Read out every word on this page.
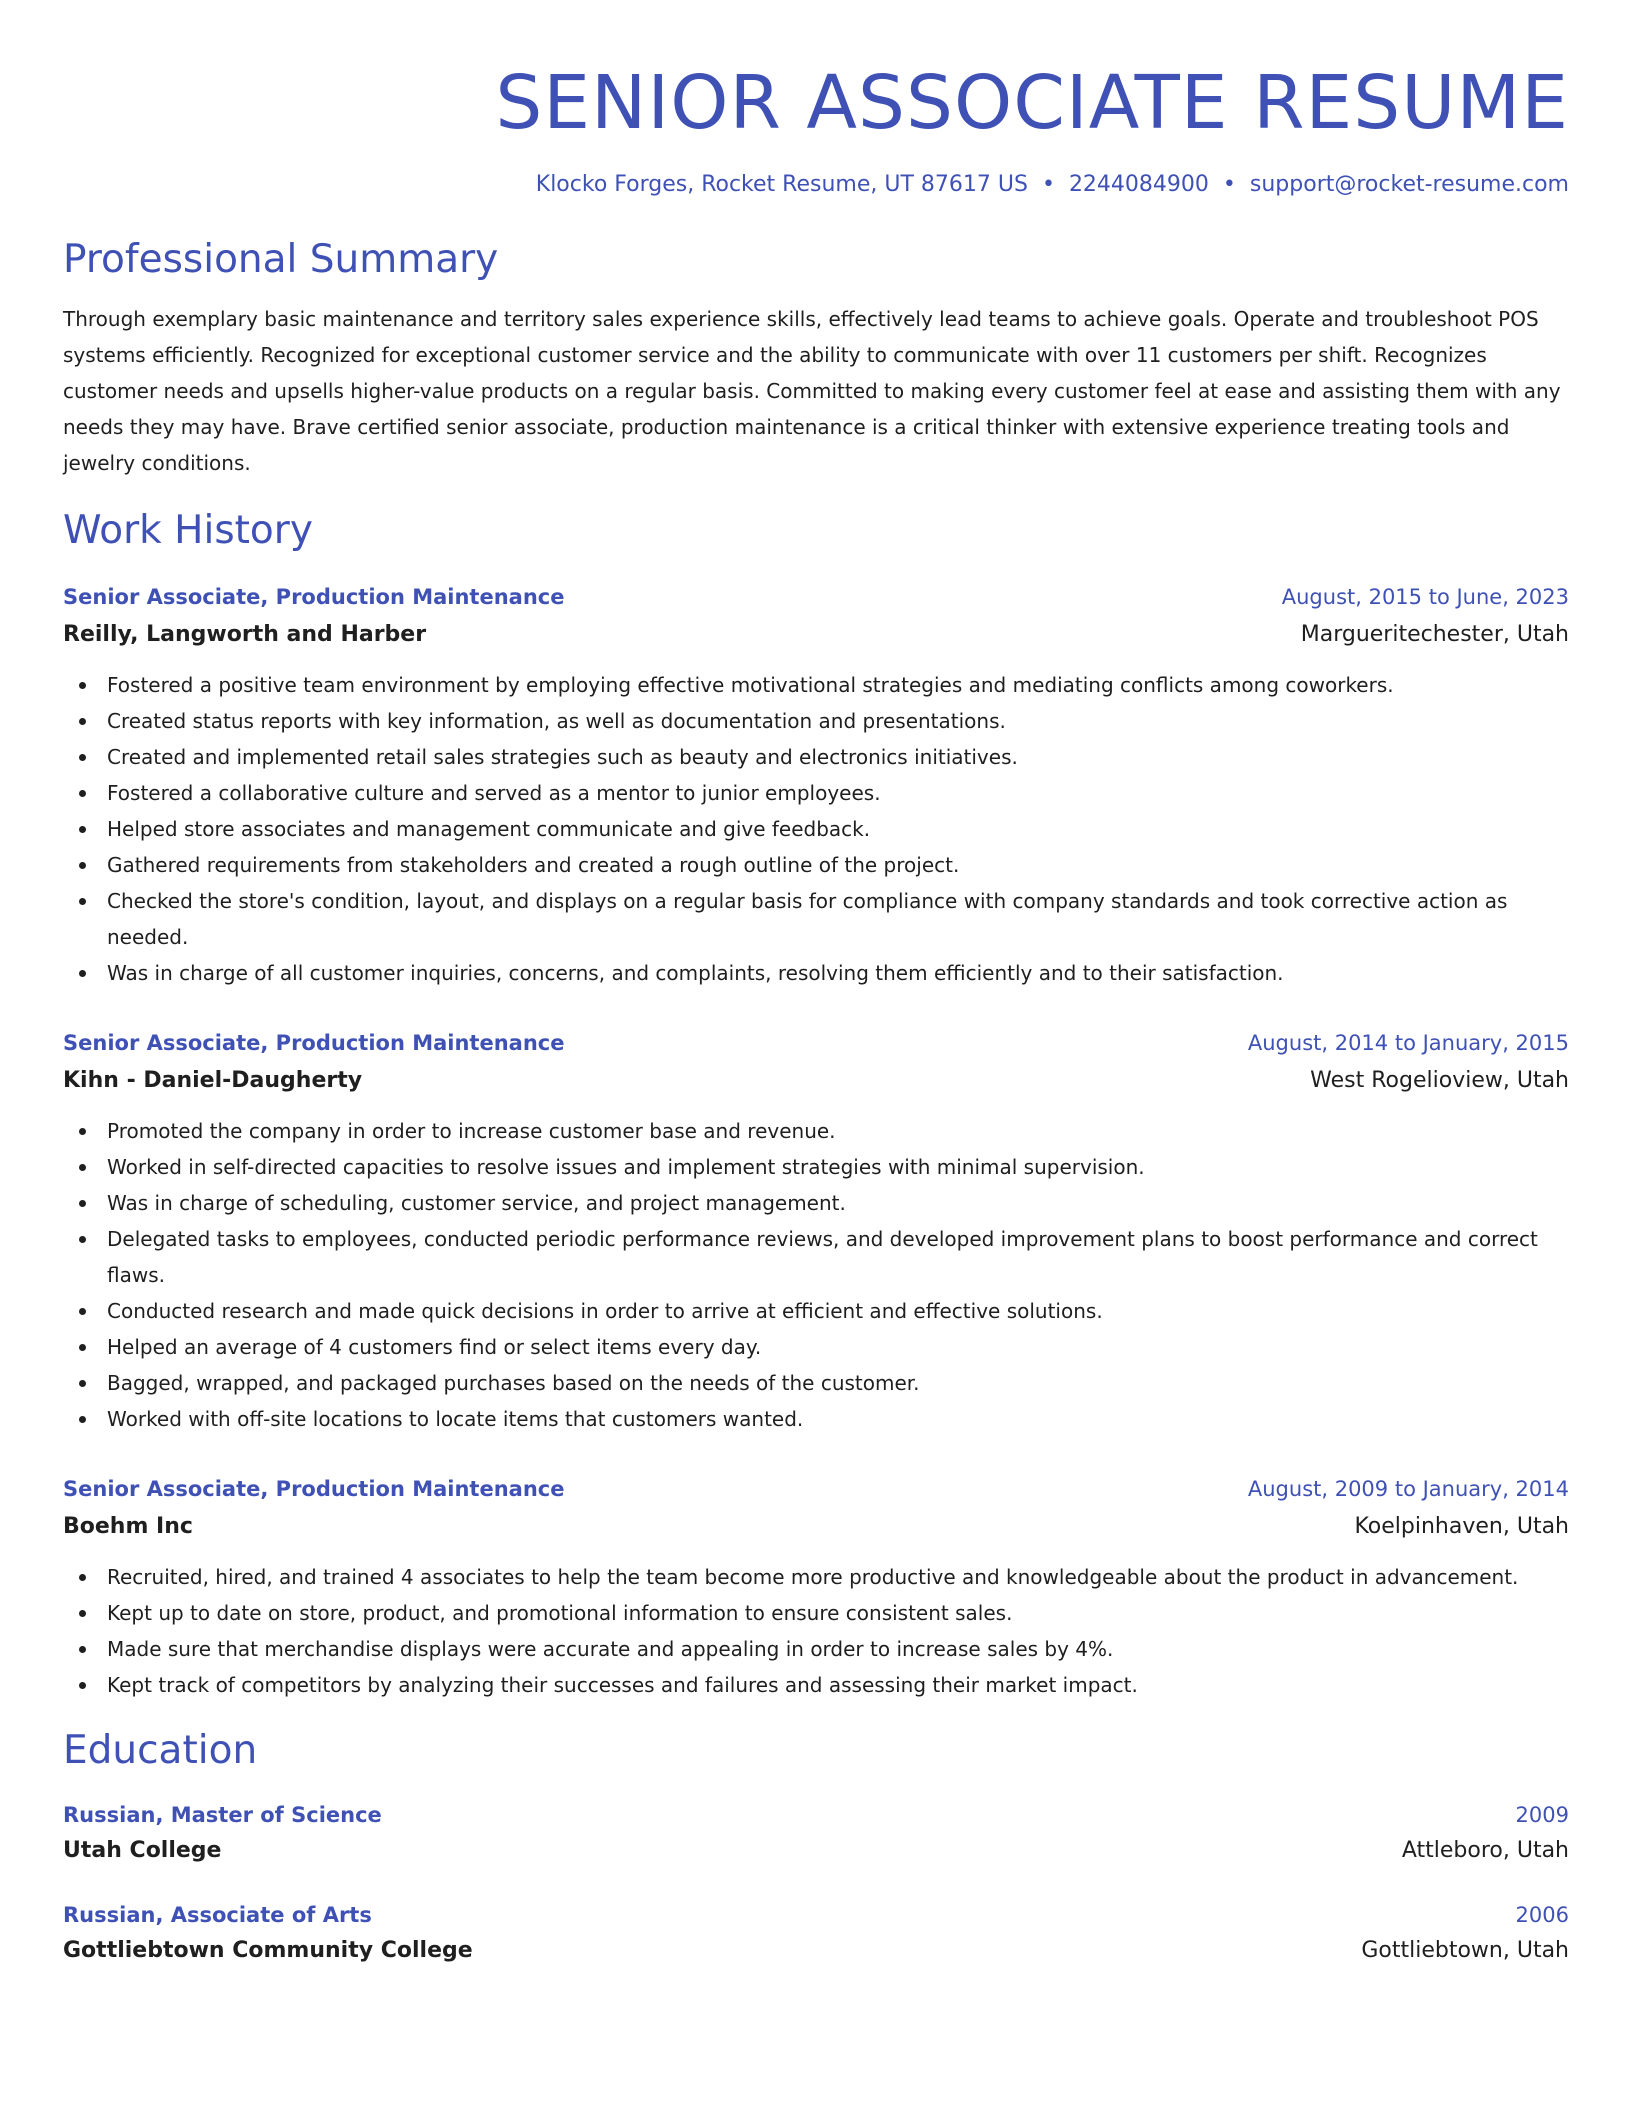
SENIOR ASSOCIATE RESUME
Klocko Forges, Rocket Resume, UT 87617 US • 2244084900 • support@rocket-resume.com
Professional Summary
Through exemplary basic maintenance and territory sales experience skills, effectively lead teams to achieve goals. Operate and troubleshoot POS systems efficiently. Recognized for exceptional customer service and the ability to communicate with over 11 customers per shift. Recognizes customer needs and upsells higher-value products on a regular basis. Committed to making every customer feel at ease and assisting them with any needs they may have. Brave certified senior associate, production maintenance is a critical thinker with extensive experience treating tools and jewelry conditions.
Work History
Senior Associate, Production Maintenance	August, 2015 to June, 2023
Reilly, Langworth and Harber	Margueritechester, Utah
Fostered a positive team environment by employing effective motivational strategies and mediating conflicts among coworkers.
Created status reports with key information, as well as documentation and presentations.
Created and implemented retail sales strategies such as beauty and electronics initiatives.
Fostered a collaborative culture and served as a mentor to junior employees.
Helped store associates and management communicate and give feedback.
Gathered requirements from stakeholders and created a rough outline of the project.
Checked the store's condition, layout, and displays on a regular basis for compliance with company standards and took corrective action as needed.
Was in charge of all customer inquiries, concerns, and complaints, resolving them efficiently and to their satisfaction.
Senior Associate, Production Maintenance	August, 2014 to January, 2015
Kihn - Daniel-Daugherty	West Rogelioview, Utah
Promoted the company in order to increase customer base and revenue.
Worked in self-directed capacities to resolve issues and implement strategies with minimal supervision.
Was in charge of scheduling, customer service, and project management.
Delegated tasks to employees, conducted periodic performance reviews, and developed improvement plans to boost performance and correct flaws.
Conducted research and made quick decisions in order to arrive at efficient and effective solutions.
Helped an average of 4 customers find or select items every day.
Bagged, wrapped, and packaged purchases based on the needs of the customer.
Worked with off-site locations to locate items that customers wanted.
Senior Associate, Production Maintenance	August, 2009 to January, 2014
Boehm Inc	Koelpinhaven, Utah
Recruited, hired, and trained 4 associates to help the team become more productive and knowledgeable about the product in advancement.
Kept up to date on store, product, and promotional information to ensure consistent sales.
Made sure that merchandise displays were accurate and appealing in order to increase sales by 4%.
Kept track of competitors by analyzing their successes and failures and assessing their market impact.
Education
Russian, Master of Science	2009
Utah College	Attleboro, Utah
Russian, Associate of Arts	2006
Gottliebtown Community College	Gottliebtown, Utah
